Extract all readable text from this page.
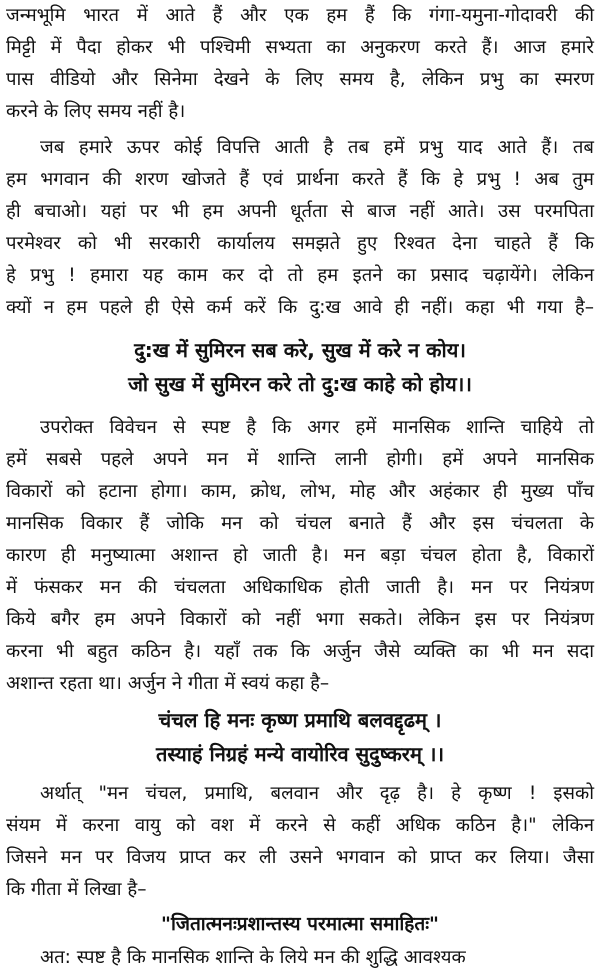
जन्मभूमि भारत में आते हैं और एक हम हैं कि गंगा-यमुना-गोदावरी की
मिट्टी में पैदा होकर भी पश्चिमी सभ्यता का अनुकरण करते हैं। आज हमारे
पास वीडियो और सिनेमा देखने के लिए समय है, लेकिन प्रभु का स्मरण
करने के लिए समय नहीं है।
जब हमारे ऊपर कोई विपत्ति आती है तब हमें प्रभु याद आते हैं। तब
हम भगवान की शरण खोजते हैं एवं प्रार्थना करते हैं कि हे प्रभु ! अब तुम
ही बचाओ। यहां पर भी हम अपनी धूर्तता से बाज नहीं आते। उस परमपिता
परमेश्वर को भी सरकारी कार्यालय समझते हुए रिश्वत देना चाहते हैं कि
हे प्रभु ! हमारा यह काम कर दो तो हम इतने का प्रसाद चढ़ायेंगे। लेकिन
क्यों न हम पहले ही ऐसे कर्म करें कि दु:ख आवे ही नहीं। कहा भी गया है–
दु:ख में सुमिरन सब करे, सुख में करे न कोय।
जो सुख में सुमिरन करे तो दु:ख काहे को होय।।
उपरोक्त विवेचन से स्पष्ट है कि अगर हमें मानसिक शान्ति चाहिये तो
हमें सबसे पहले अपने मन में शान्ति लानी होगी। हमें अपने मानसिक
विकारों को हटाना होगा। काम, क्रोध, लोभ, मोह और अहंकार ही मुख्य पाँच
मानसिक विकार हैं जोकि मन को चंचल बनाते हैं और इस चंचलता के
कारण ही मनुष्यात्मा अशान्त हो जाती है। मन बड़ा चंचल होता है, विकारों
में फंसकर मन की चंचलता अधिकाधिक होती जाती है। मन पर नियंत्रण
किये बगैर हम अपने विकारों को नहीं भगा सकते। लेकिन इस पर नियंत्रण
करना भी बहुत कठिन है। यहाँ तक कि अर्जुन जैसे व्यक्ति का भी मन सदा
अशान्त रहता था। अर्जुन ने गीता में स्वयं कहा है–
चंचल हि मनः कृष्ण प्रमाथि बलवद्दृढम् ।
तस्याहं निग्रहं मन्ये वायोरिव सुदुष्करम् ।।
अर्थात् "मन चंचल, प्रमाथि, बलवान और दृढ़ है। हे कृष्ण ! इसको
संयम में करना वायु को वश में करने से कहीं अधिक कठिन है।" लेकिन
जिसने मन पर विजय प्राप्त कर ली उसने भगवान को प्राप्त कर लिया। जैसा
कि गीता में लिखा है–
"जितात्मनःप्रशान्तस्य परमात्मा समाहितः"
अत: स्पष्ट है कि मानसिक शान्ति के लिये मन की शुद्धि आवश्यक
